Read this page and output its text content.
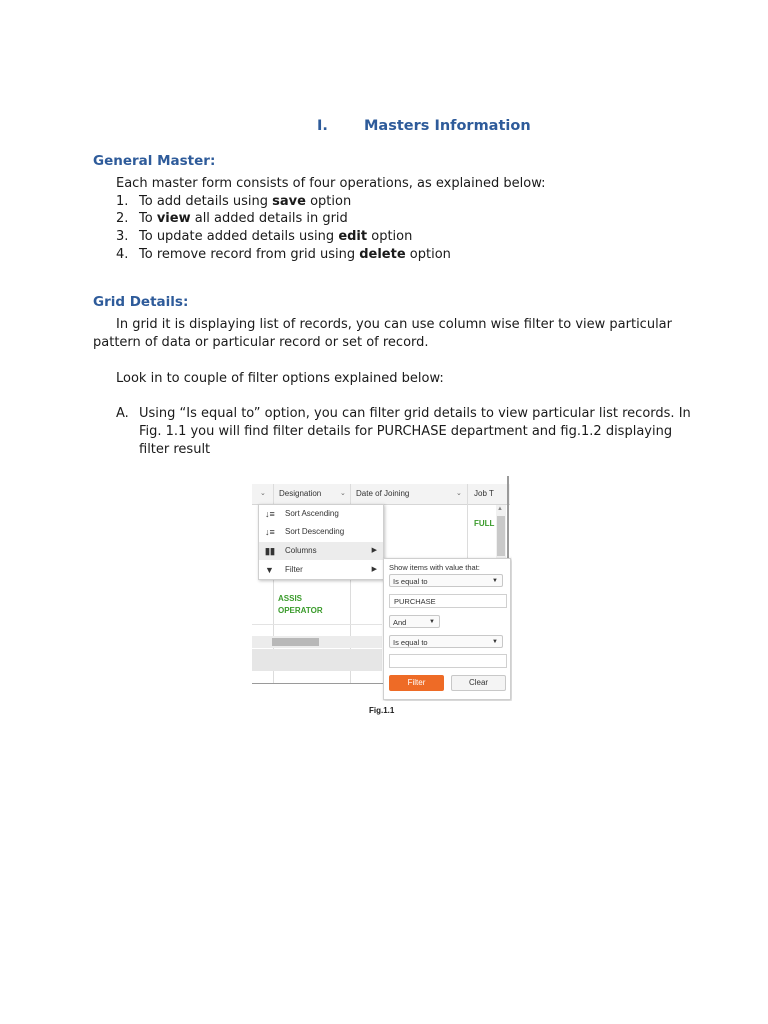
I. Masters Information
General Master:
Each master form consists of four operations, as explained below:
1. To add details using save option
2. To view all added details in grid
3. To update added details using edit option
4. To remove record from grid using delete option
Grid Details:
In grid it is displaying list of records, you can use column wise filter to view particular
pattern of data or particular record or set of record.
Look in to couple of filter options explained below:
A. Using “Is equal to” option, you can filter grid details to view particular list records. In
Fig. 1.1 you will find filter details for PURCHASE department and fig.1.2 displaying
filter result
⌄ Designation	⌄ Date of Joining	⌄ Job T
▲
FULL
ASSIS
OPERATOR
↓≡ Sort Ascending
↓≡ Sort Descending
▮▮ Columns	▶
▼ Filter	▶ Show items with value that:
Is equal to	▼
PURCHASE
And	▼
Is equal to	▼
Filter	Clear
Fig.1.1
